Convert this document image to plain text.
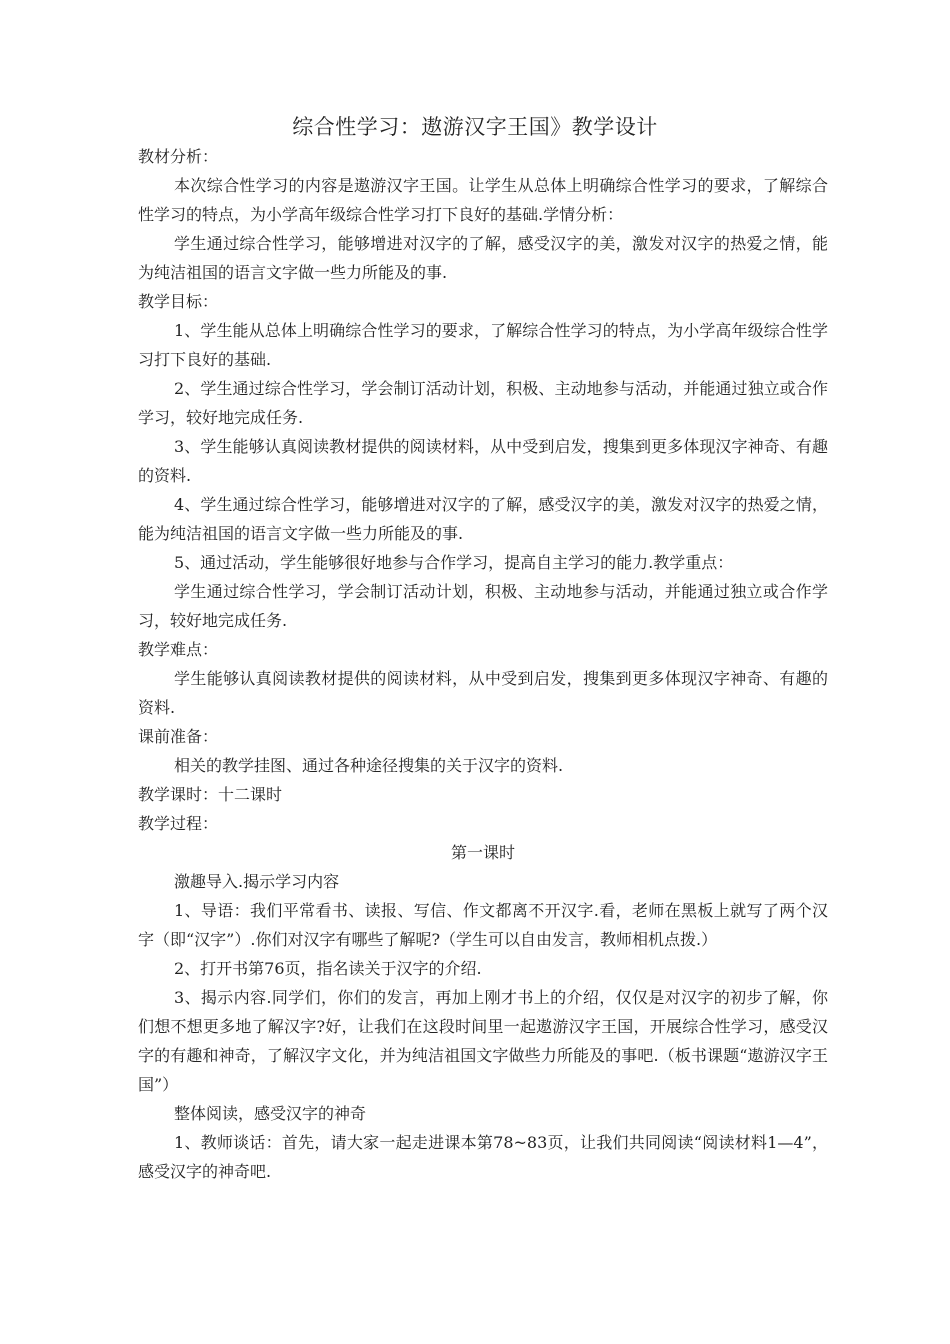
综合性学习：遨游汉字王国》教学设计

教材分析：

本次综合性学习的内容是遨游汉字王国。让学生从总体上明确综合性学习的要求，了解综合性学习的特点，为小学高年级综合性学习打下良好的基础.学情分析：

学生通过综合性学习，能够增进对汉字的了解，感受汉字的美，激发对汉字的热爱之情，能为纯洁祖国的语言文字做一些力所能及的事.

教学目标：

1、学生能从总体上明确综合性学习的要求，了解综合性学习的特点，为小学高年级综合性学习打下良好的基础.

2、学生通过综合性学习，学会制订活动计划，积极、主动地参与活动，并能通过独立或合作学习，较好地完成任务.

3、学生能够认真阅读教材提供的阅读材料，从中受到启发，搜集到更多体现汉字神奇、有趣的资料.

4、学生通过综合性学习，能够增进对汉字的了解，感受汉字的美，激发对汉字的热爱之情，能为纯洁祖国的语言文字做一些力所能及的事.

5、通过活动，学生能够很好地参与合作学习，提高自主学习的能力.教学重点：

学生通过综合性学习，学会制订活动计划，积极、主动地参与活动，并能通过独立或合作学习，较好地完成任务.

教学难点：

学生能够认真阅读教材提供的阅读材料，从中受到启发，搜集到更多体现汉字神奇、有趣的资料.

课前准备：

相关的教学挂图、通过各种途径搜集的关于汉字的资料.

教学课时：十二课时

教学过程：

第一课时

激趣导入.揭示学习内容

1、导语：我们平常看书、读报、写信、作文都离不开汉字.看，老师在黑板上就写了两个汉字（即“汉字”）.你们对汉字有哪些了解呢?（学生可以自由发言，教师相机点拨.）

2、打开书第76页，指名读关于汉字的介绍.

3、揭示内容.同学们，你们的发言，再加上刚才书上的介绍，仅仅是对汉字的初步了解，你们想不想更多地了解汉字?好，让我们在这段时间里一起遨游汉字王国，开展综合性学习，感受汉字的有趣和神奇，了解汉字文化，并为纯洁祖国文字做些力所能及的事吧.（板书课题“遨游汉字王国”）

整体阅读，感受汉字的神奇

1、教师谈话：首先，请大家一起走进课本第78~83页，让我们共同阅读“阅读材料1—4”，感受汉字的神奇吧.
